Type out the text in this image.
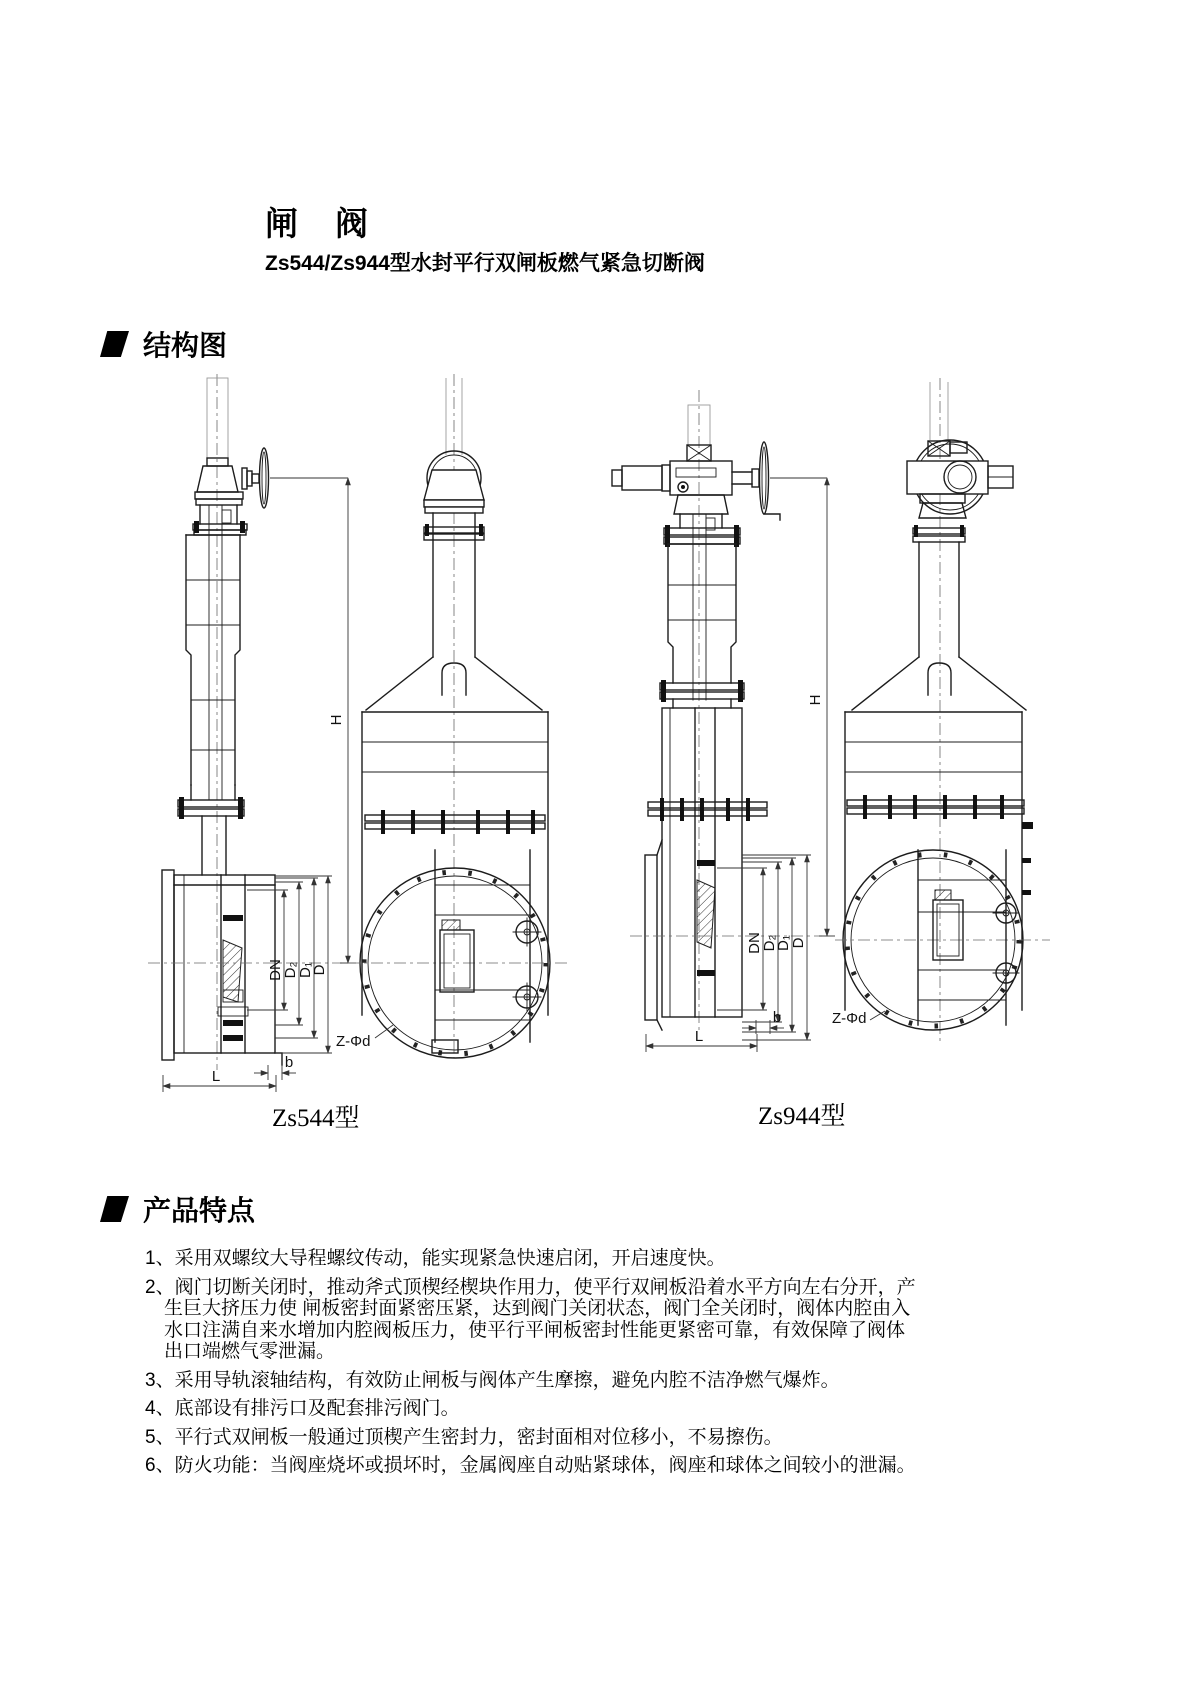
闸　阀
Zs544/Zs944型水封平行双闸板燃气紧急切断阀
结构图
H
DN
D₂
D₁
D
b
L
Z-Φd
H
DN
D₂
D₁
D
b
L
Z-Φd
Zs544型	Zs944型
产品特点
1、采用双螺纹大导程螺纹传动，能实现紧急快速启闭，开启速度快。
2、阀门切断关闭时，推动斧式顶楔经楔块作用力，使平行双闸板沿着水平方向左右分开，产
生巨大挤压力使 闸板密封面紧密压紧，达到阀门关闭状态，阀门全关闭时，阀体内腔由入
水口注满自来水增加内腔阀板压力，使平行平闸板密封性能更紧密可靠，有效保障了阀体
出口端燃气零泄漏。
3、采用导轨滚轴结构，有效防止闸板与阀体产生摩擦，避免内腔不洁净燃气爆炸。
4、底部设有排污口及配套排污阀门。
5、平行式双闸板一般通过顶楔产生密封力，密封面相对位移小，不易擦伤。
6、防火功能：当阀座烧坏或损坏时，金属阀座自动贴紧球体，阀座和球体之间较小的泄漏。
